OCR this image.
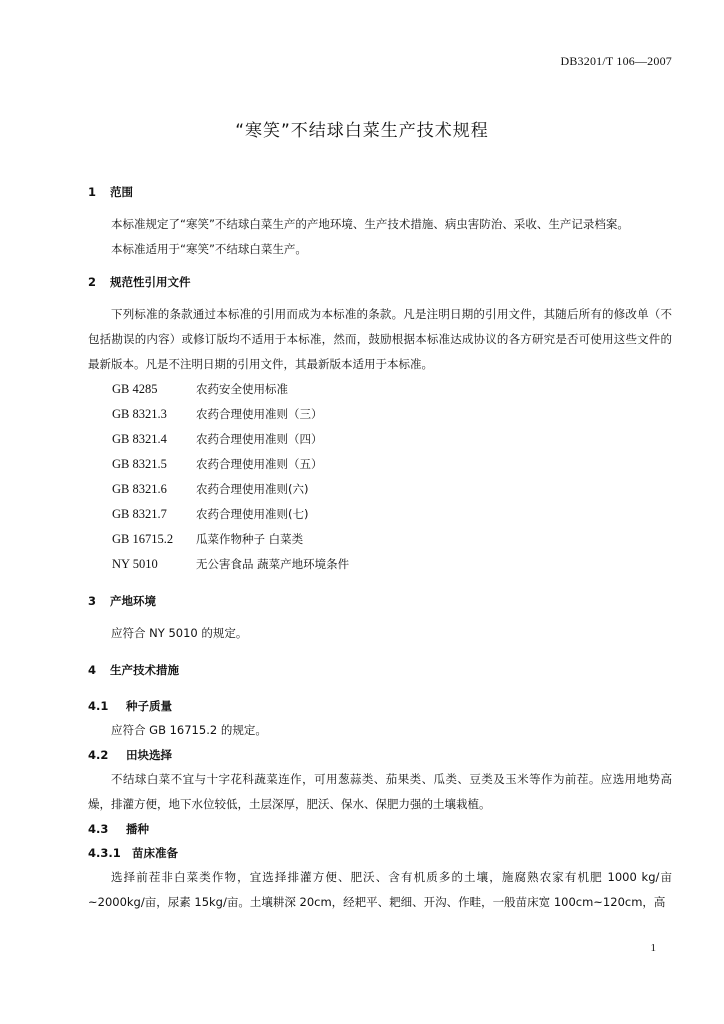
DB3201/T 106—2007
“寒笑”不结球白菜生产技术规程
1 范围

本标准规定了“寒笑”不结球白菜生产的产地环境、生产技术措施、病虫害防治、采收、生产记录档案。

本标准适用于“寒笑”不结球白菜生产。

2 规范性引用文件

下列标准的条款通过本标准的引用而成为本标准的条款。凡是注明日期的引用文件，其随后所有的修改单（不包括勘误的内容）或修订版均不适用于本标准，然而，鼓励根据本标准达成协议的各方研究是否可使用这些文件的最新版本。凡是不注明日期的引用文件，其最新版本适用于本标准。

GB 4285	农药安全使用标准
GB 8321.3	农药合理使用准则（三）
GB 8321.4	农药合理使用准则（四）
GB 8321.5	农药合理使用准则（五）
GB 8321.6	农药合理使用准则(六)
GB 8321.7	农药合理使用准则(七)
GB 16715.2	瓜菜作物种子 白菜类
NY 5010	无公害食品 蔬菜产地环境条件
3 产地环境

应符合 NY 5010 的规定。

4 生产技术措施
4.1 种子质量

应符合 GB 16715.2 的规定。

4.2 田块选择

不结球白菜不宜与十字花科蔬菜连作，可用葱蒜类、茄果类、瓜类、豆类及玉米等作为前茬。应选用地势高燥，排灌方便，地下水位较低，土层深厚，肥沃、保水、保肥力强的土壤栽植。

4.3 播种
4.3.1 苗床准备

选择前茬非白菜类作物，宜选择排灌方便、肥沃、含有机质多的土壤，施腐熟农家有机肥 1000 kg/亩~2000kg/亩，尿素 15kg/亩。土壤耕深 20cm，经耙平、耙细、开沟、作畦，一般苗床宽 100cm~120cm，高

1
